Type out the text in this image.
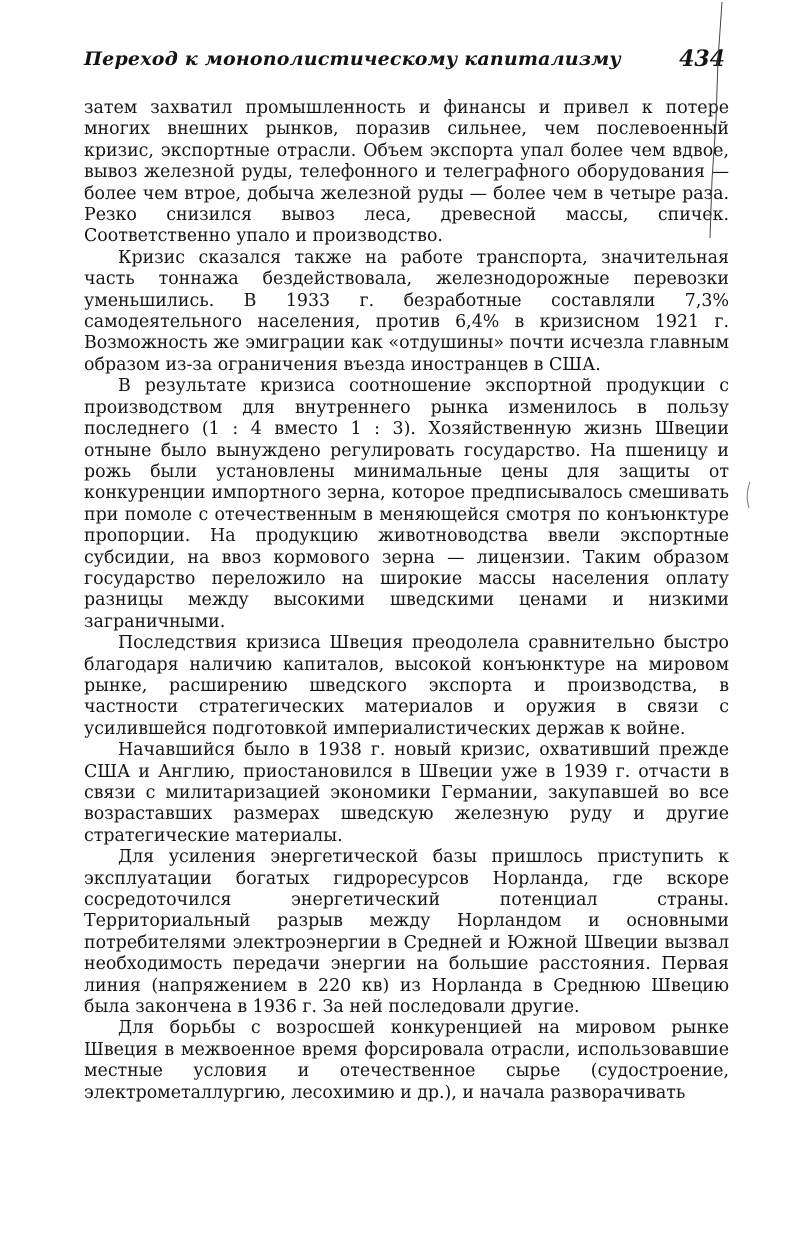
Переход к монополистическому капитализму	434

затем захватил промышленность и финансы и привел к потере многих внешних рынков, поразив сильнее, чем послевоенный кризис, экспортные отрасли. Объем экспорта упал более чем вдвое, вывоз железной руды, телефонного и телеграфного оборудования — более чем втрое, добыча железной руды — более чем в четыре раза. Резко снизился вывоз леса, древесной массы, спичек. Соответственно упало и производство.

Кризис сказался также на работе транспорта, значительная часть тоннажа бездействовала, железнодорожные перевозки уменьшились. В 1933 г. безработные составляли 7,3% самодеятельного населения, против 6,4% в кризисном 1921 г. Возможность же эмиграции как «отдушины» почти исчезла главным образом из-за ограничения въезда иностранцев в США.

В результате кризиса соотношение экспортной продукции с производством для внутреннего рынка изменилось в пользу последнего (1 : 4 вместо 1 : 3). Хозяйственную жизнь Швеции отныне было вынуждено регулировать государство. На пшеницу и рожь были установлены минимальные цены для защиты от конкуренции импортного зерна, которое предписывалось смешивать при помоле с отечественным в меняющейся смотря по конъюнктуре пропорции. На продукцию животноводства ввели экспортные субсидии, на ввоз кормового зерна — лицензии. Таким образом государство переложило на широкие массы населения оплату разницы между высокими шведскими ценами и низкими заграничными.

Последствия кризиса Швеция преодолела сравнительно быстро благодаря наличию капиталов, высокой конъюнктуре на мировом рынке, расширению шведского экспорта и производства, в частности стратегических материалов и оружия в связи с усилившейся подготовкой империалистических держав к войне.

Начавшийся было в 1938 г. новый кризис, охвативший прежде США и Англию, приостановился в Швеции уже в 1939 г. отчасти в связи с милитаризацией экономики Германии, закупавшей во все возраставших размерах шведскую железную руду и другие стратегические материалы.

Для усиления энергетической базы пришлось приступить к эксплуатации богатых гидроресурсов Норланда, где вскоре сосредоточился энергетический потенциал страны. Территориальный разрыв между Норландом и основными потребителями электроэнергии в Средней и Южной Швеции вызвал необходимость передачи энергии на большие расстояния. Первая линия (напряжением в 220 кв) из Норланда в Среднюю Швецию была закончена в 1936 г. За ней последовали другие.

Для борьбы с возросшей конкуренцией на мировом рынке Швеция в межвоенное время форсировала отрасли, использовавшие местные условия и отечественное сырье (судостроение, электрометаллургию, лесохимию и др.), и начала разворачивать
